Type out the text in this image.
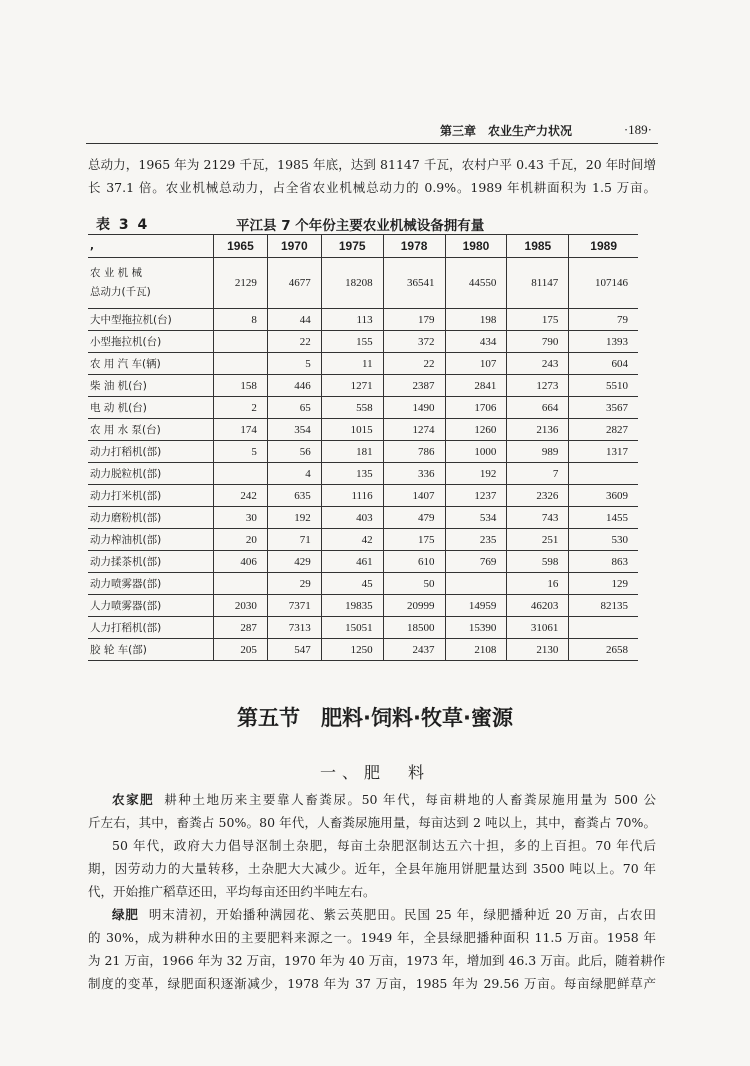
第三章　农业生产力状况	·189·
总动力，1965 年为 2129 千瓦，1985 年底，达到 81147 千瓦，农村户平 0.43 千瓦，20 年时间增
长 37.1 倍。农业机械总动力，占全省农业机械总动力的 0.9%。1989 年机耕面积为 1.5 万亩。
表 3 4	平江县 7 个年份主要农业机械设备拥有量
,	1965	1970	1975	1978	1980	1985	1989

农 业 机 械
总动力(千瓦)	2129	4677	18208	36541	44550	81147	107146
大中型拖拉机(台)	8	44	113	179	198	175	79
小型拖拉机(台)		22	155	372	434	790	1393
农 用 汽 车(辆)		5	11	22	107	243	604
柴 油 机(台)	158	446	1271	2387	2841	1273	5510
电 动 机(台)	2	65	558	1490	1706	664	3567
农 用 水 泵(台)	174	354	1015	1274	1260	2136	2827
动力打稻机(部)	5	56	181	786	1000	989	1317
动力脱粒机(部)		4	135	336	192	7	
动力打米机(部)	242	635	1116	1407	1237	2326	3609
动力磨粉机(部)	30	192	403	479	534	743	1455
动力榨油机(部)	20	71	42	175	235	251	530
动力揉茶机(部)	406	429	461	610	769	598	863
动力喷雾器(部)		29	45	50		16	129
人力喷雾器(部)	2030	7371	19835	20999	14959	46203	82135
人力打稻机(部)	287	7313	15051	18500	15390	31061	
胶 轮 车(部)	205	547	1250	2437	2108	2130	2658
第五节　肥料·饲料·牧草·蜜源
一、肥　料
农家肥 耕种土地历来主要靠人畜粪尿。50 年代，每亩耕地的人畜粪尿施用量为 500 公
斤左右，其中，畜粪占 50%。80 年代，人畜粪尿施用量，每亩达到 2 吨以上，其中，畜粪占 70%。
50 年代，政府大力倡导沤制土杂肥，每亩土杂肥沤制达五六十担，多的上百担。70 年代后
期，因劳动力的大量转移，土杂肥大大减少。近年，全县年施用饼肥量达到 3500 吨以上。70 年
代，开始推广稻草还田，平均每亩还田约半吨左右。
绿肥 明末清初，开始播种满园花、紫云英肥田。民国 25 年，绿肥播种近 20 万亩，占农田
的 30%，成为耕种水田的主要肥料来源之一。1949 年，全县绿肥播种面积 11.5 万亩。1958 年
为 21 万亩，1966 年为 32 万亩，1970 年为 40 万亩，1973 年，增加到 46.3 万亩。此后，随着耕作
制度的变革，绿肥面积逐渐减少，1978 年为 37 万亩，1985 年为 29.56 万亩。每亩绿肥鲜草产
